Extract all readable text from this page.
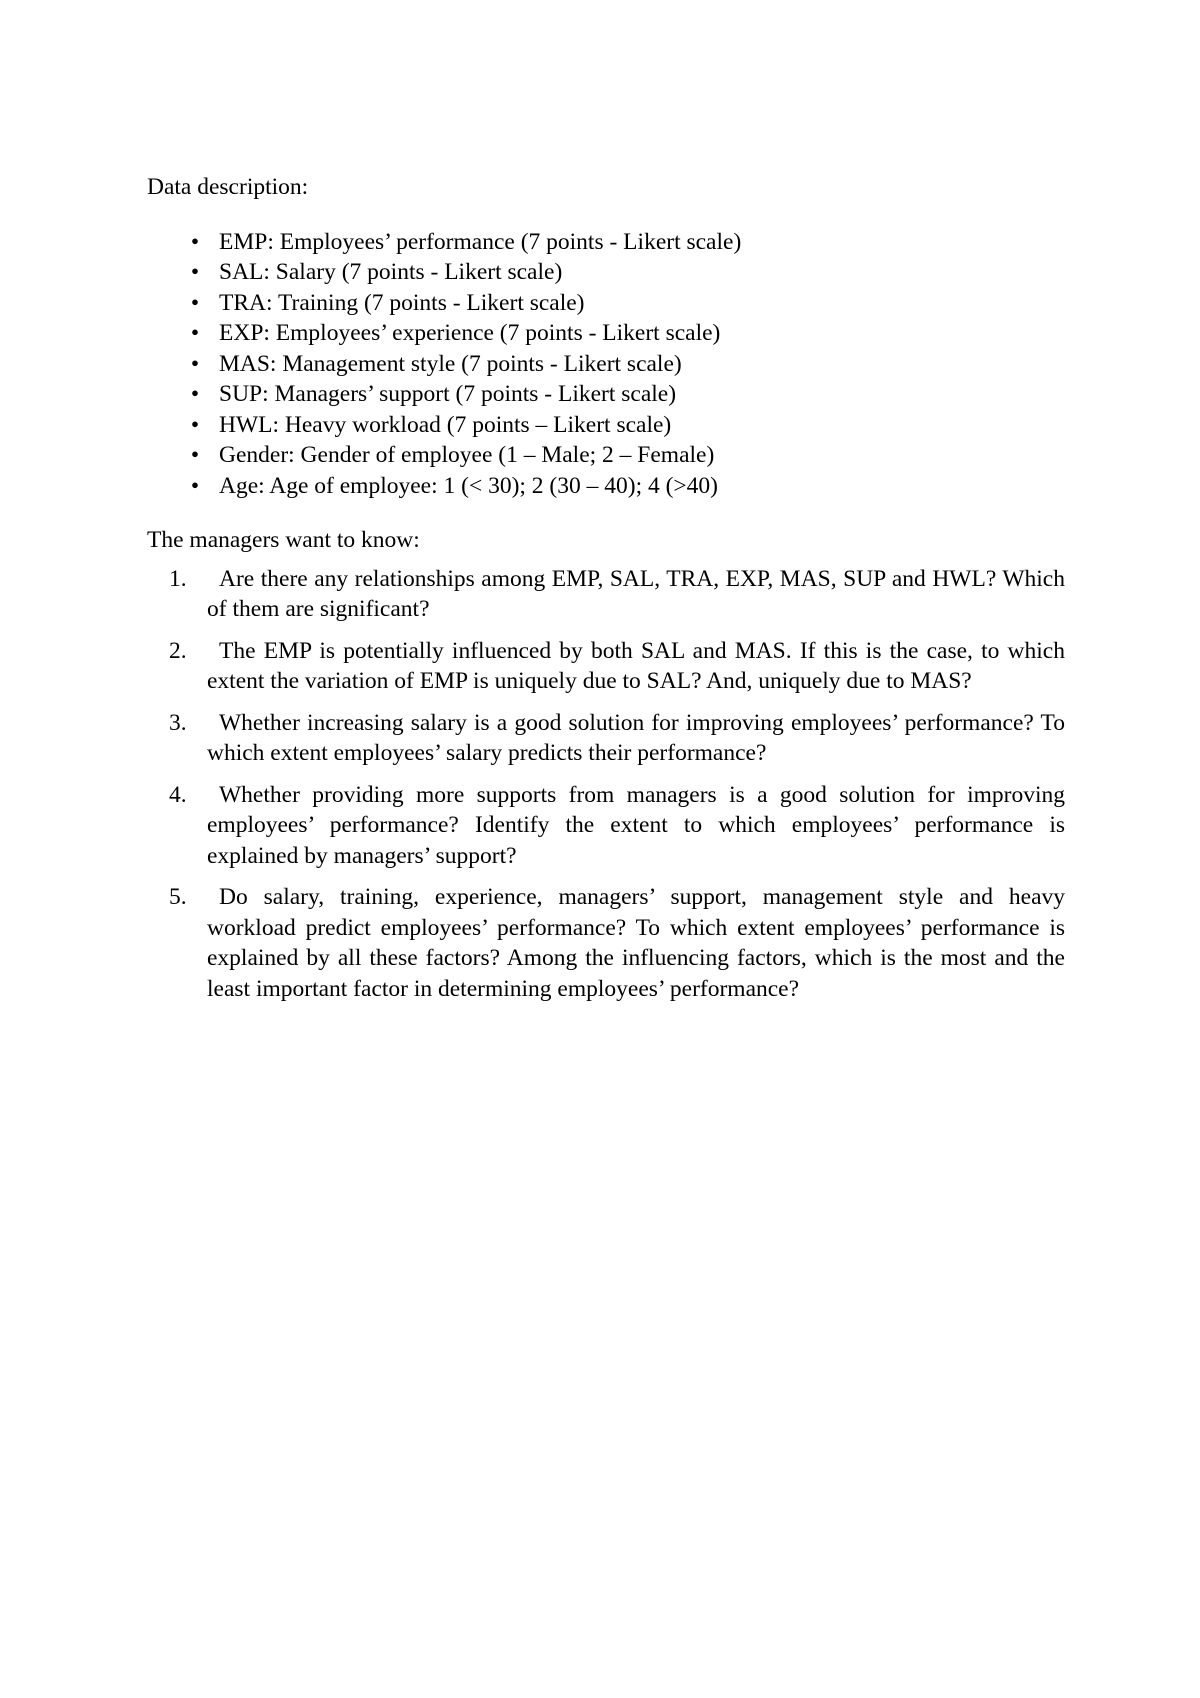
Data description:

• EMP: Employees’ performance (7 points - Likert scale)
• SAL: Salary (7 points - Likert scale)
• TRA: Training (7 points - Likert scale)
• EXP: Employees’ experience (7 points - Likert scale)
• MAS: Management style (7 points - Likert scale)
• SUP: Managers’ support (7 points - Likert scale)
• HWL: Heavy workload (7 points – Likert scale)
• Gender: Gender of employee (1 – Male; 2 – Female)
• Age: Age of employee: 1 (< 30); 2 (30 – 40); 4 (>40)

The managers want to know:

1.	Are there any relationships among EMP, SAL, TRA, EXP, MAS, SUP and HWL? Which of them are significant?
2.	The EMP is potentially influenced by both SAL and MAS. If this is the case, to which extent the variation of EMP is uniquely due to SAL? And, uniquely due to MAS?
3.	Whether increasing salary is a good solution for improving employees’ performance? To which extent employees’ salary predicts their performance?
4.	Whether providing more supports from managers is a good solution for improving employees’ performance? Identify the extent to which employees’ performance is explained by managers’ support?
5.	Do salary, training, experience, managers’ support, management style and heavy workload predict employees’ performance? To which extent employees’ performance is explained by all these factors? Among the influencing factors, which is the most and the least important factor in determining employees’ performance?
